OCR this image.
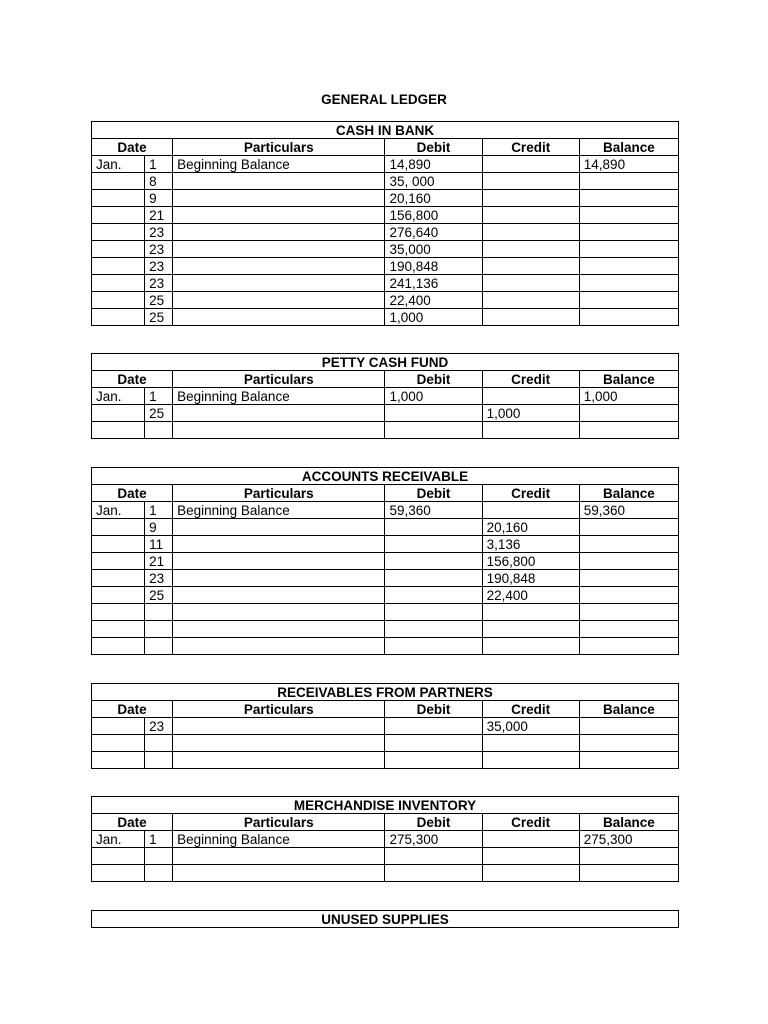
GENERAL LEDGER
CASH IN BANK					
Date		Particulars	Debit	Credit	Balance
Jan.	1	Beginning Balance	14,890		14,890
	8		35, 000		
	9		20,160		
	21		156,800		
	23		276,640		
	23		35,000		
	23		190,848		
	23		241,136		
	25		22,400		
	25		1,000		
PETTY CASH FUND					
Date		Particulars	Debit	Credit	Balance
Jan.	1	Beginning Balance	1,000		1,000
	25			1,000	

ACCOUNTS RECEIVABLE					
Date		Particulars	Debit	Credit	Balance
Jan.	1	Beginning Balance	59,360		59,360
	9			20,160	
	11			3,136	
	21			156,800	
	23			190,848	
	25			22,400	

RECEIVABLES FROM PARTNERS					
Date		Particulars	Debit	Credit	Balance
	23			35,000	

MERCHANDISE INVENTORY					
Date		Particulars	Debit	Credit	Balance
Jan.	1	Beginning Balance	275,300		275,300

UNUSED SUPPLIES
